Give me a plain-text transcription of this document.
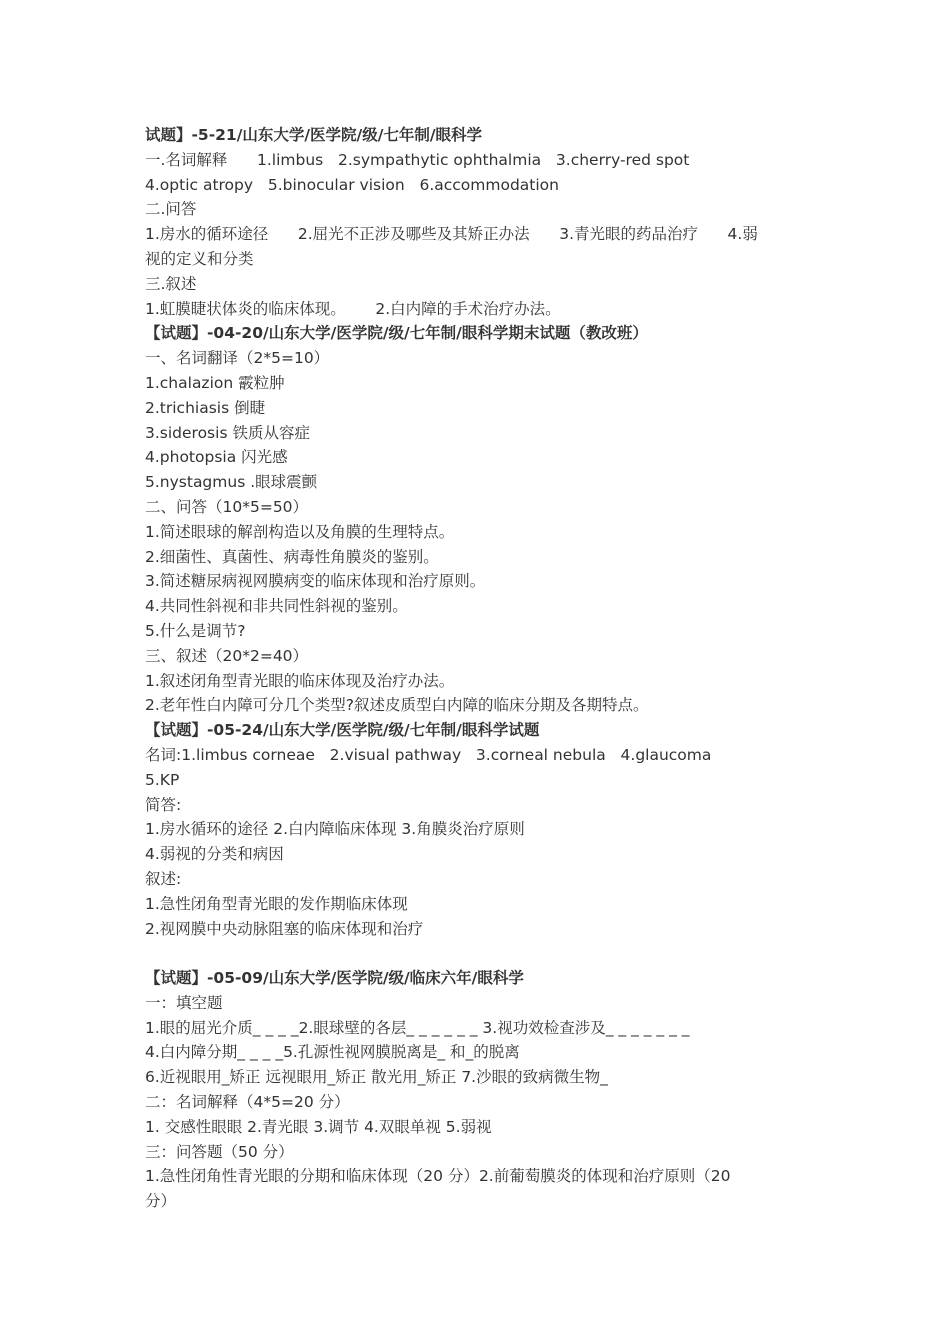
试题】-5-21/山东大学/医学院/级/七年制/眼科学

一.名词解释      1.limbus   2.sympathytic ophthalmia   3.cherry-red spot

4.optic atropy   5.binocular vision   6.accommodation

二.问答

1.房水的循环途径      2.屈光不正涉及哪些及其矫正办法      3.青光眼的药品治疗      4.弱

视的定义和分类

三.叙述

1.虹膜睫状体炎的临床体现。      2.白内障的手术治疗办法。

【试题】-04-20/山东大学/医学院/级/七年制/眼科学期末试题（教改班）

一、名词翻译（2*5=10）

1.chalazion 霰粒肿

2.trichiasis 倒睫

3.siderosis 铁质从容症

4.photopsia 闪光感

5.nystagmus .眼球震颤

二、问答（10*5=50）

1.简述眼球的解剖构造以及角膜的生理特点。

2.细菌性、真菌性、病毒性角膜炎的鉴别。

3.简述糖尿病视网膜病变的临床体现和治疗原则。

4.共同性斜视和非共同性斜视的鉴别。

5.什么是调节?

三、叙述（20*2=40）

1.叙述闭角型青光眼的临床体现及治疗办法。

2.老年性白内障可分几个类型?叙述皮质型白内障的临床分期及各期特点。

【试题】-05-24/山东大学/医学院/级/七年制/眼科学试题

名词:1.limbus corneae   2.visual pathway   3.corneal nebula   4.glaucoma

5.KP

简答:

1.房水循环的途径 2.白内障临床体现 3.角膜炎治疗原则

4.弱视的分类和病因

叙述:

1.急性闭角型青光眼的发作期临床体现

2.视网膜中央动脉阻塞的临床体现和治疗

【试题】-05-09/山东大学/医学院/级/临床六年/眼科学

一：填空题

1.眼的屈光介质_ _ _ _2.眼球壁的各层_ _ _ _ _ _ 3.视功效检查涉及_ _ _ _ _ _ _

4.白内障分期_ _ _ _5.孔源性视网膜脱离是_ 和_的脱离

6.近视眼用_矫正 远视眼用_矫正 散光用_矫正 7.沙眼的致病微生物_

二：名词解释（4*5=20 分）

1. 交感性眼眼 2.青光眼 3.调节 4.双眼单视 5.弱视

三：问答题（50 分）

1.急性闭角性青光眼的分期和临床体现（20 分）2.前葡萄膜炎的体现和治疗原则（20

分）
